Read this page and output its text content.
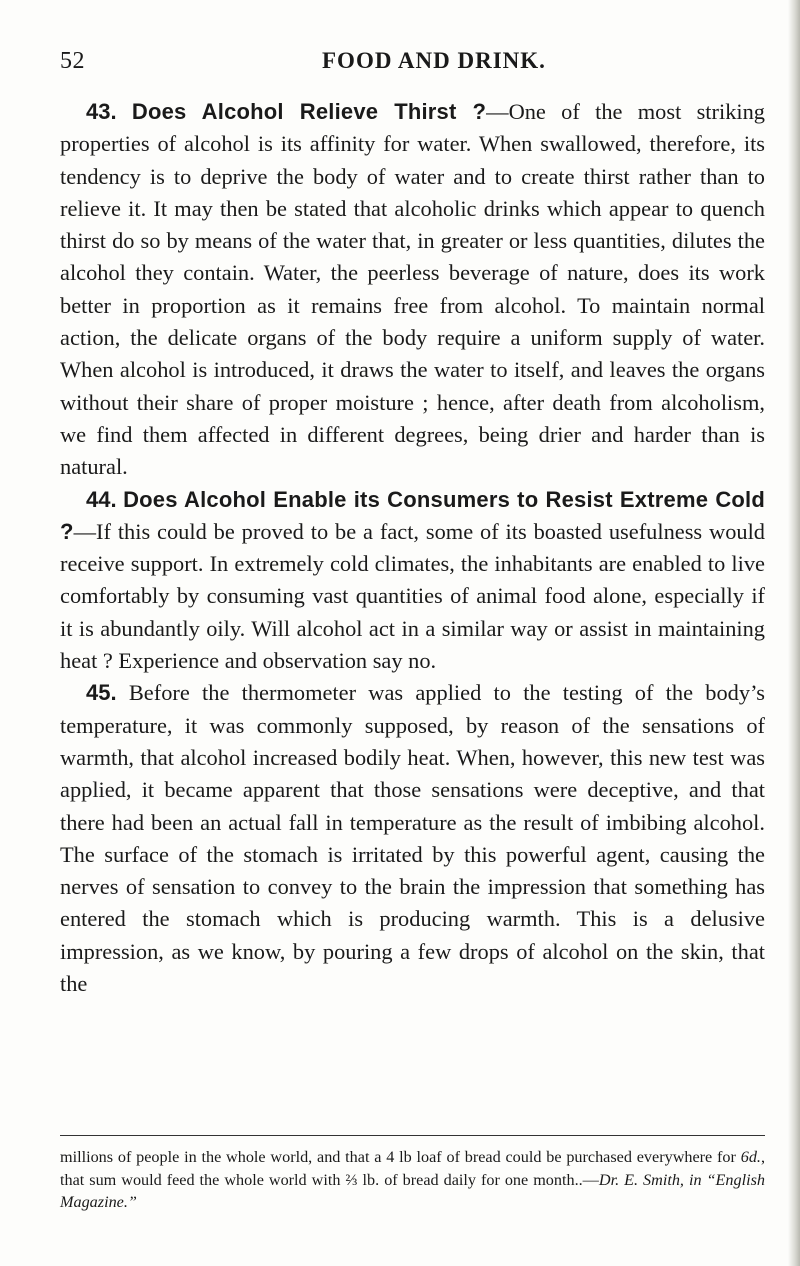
52	FOOD AND DRINK.

43. Does Alcohol Relieve Thirst ?—One of the most striking properties of alcohol is its affinity for water. When swallowed, therefore, its tendency is to deprive the body of water and to create thirst rather than to relieve it. It may then be stated that alcoholic drinks which appear to quench thirst do so by means of the water that, in greater or less quantities, dilutes the alcohol they contain. Water, the peerless beverage of nature, does its work better in proportion as it remains free from alcohol. To maintain normal action, the delicate organs of the body require a uniform supply of water. When alcohol is introduced, it draws the water to itself, and leaves the organs without their share of proper moisture ; hence, after death from alcoholism, we find them affected in different degrees, being drier and harder than is natural.

44. Does Alcohol Enable its Consumers to Resist Extreme Cold ?—If this could be proved to be a fact, some of its boasted usefulness would receive support. In extremely cold climates, the inhabitants are enabled to live comfortably by consuming vast quantities of animal food alone, especially if it is abundantly oily. Will alcohol act in a similar way or assist in maintaining heat ? Experience and observation say no.

45. Before the thermometer was applied to the testing of the body’s temperature, it was commonly supposed, by reason of the sensations of warmth, that alcohol increased bodily heat. When, however, this new test was applied, it became apparent that those sensations were deceptive, and that there had been an actual fall in temperature as the result of imbibing alcohol. The surface of the stomach is irritated by this powerful agent, causing the nerves of sensation to convey to the brain the impression that something has entered the stomach which is producing warmth. This is a delusive impression, as we know, by pouring a few drops of alcohol on the skin, that the

millions of people in the whole world, and that a 4 lb loaf of bread could be purchased everywhere for 6d., that sum would feed the whole world with ⅔ lb. of bread daily for one month..—Dr. E. Smith, in “English Magazine.”
